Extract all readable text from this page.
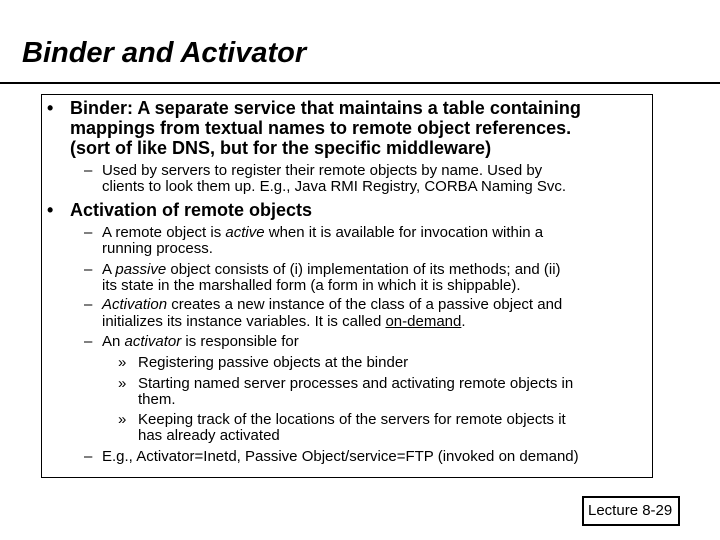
Binder and Activator
• Binder: A separate service that maintains a table containing
mappings from textual names to remote object references.
(sort of like DNS, but for the specific middleware)
– Used by servers to register their remote objects by name. Used by
clients to look them up. E.g., Java RMI Registry, CORBA Naming Svc.
• Activation of remote objects
– A remote object is active when it is available for invocation within a
running process.
– A passive object consists of (i) implementation of its methods; and (ii)
its state in the marshalled form (a form in which it is shippable).
– Activation creates a new instance of the class of a passive object and
initializes its instance variables. It is called on-demand.
– An activator is responsible for
» Registering passive objects at the binder
» Starting named server processes and activating remote objects in
them.
» Keeping track of the locations of the servers for remote objects it
has already activated
– E.g., Activator=Inetd, Passive Object/service=FTP (invoked on demand)
Lecture 8-29
